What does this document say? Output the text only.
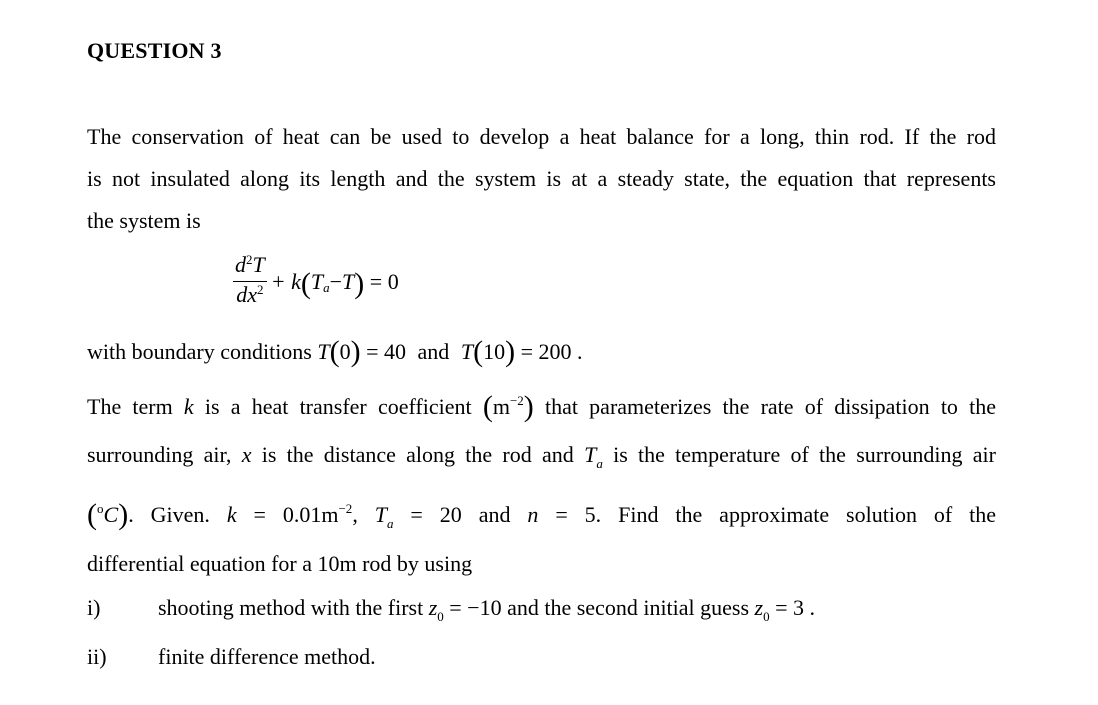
QUESTION 3
The conservation of heat can be used to develop a heat balance for a long, thin rod. If the rod
is not insulated along its length and the system is at a steady state, the equation that represents
the system is
$\frac{d^2T}{dx^2} + k$ ( $T_a - T$ ) = 0
with boundary conditions T(0) = 40 and T(10) = 200 .
The term k is a heat transfer coefficient $(m^{-2})$ that parameterizes the rate of dissipation to the
surrounding air, x is the distance along the rod and $T_a$ is the temperature of the surrounding air
($^o$C). Given. $k = 0.01m^{-2}$, $T_a = 20$ and n = 5. Find the approximate solution of the
differential equation for a 10m rod by using
i)	shooting method with the first $z_0 = -10$ and the second initial guess $z_0 = 3$ .
ii) finite difference method.
